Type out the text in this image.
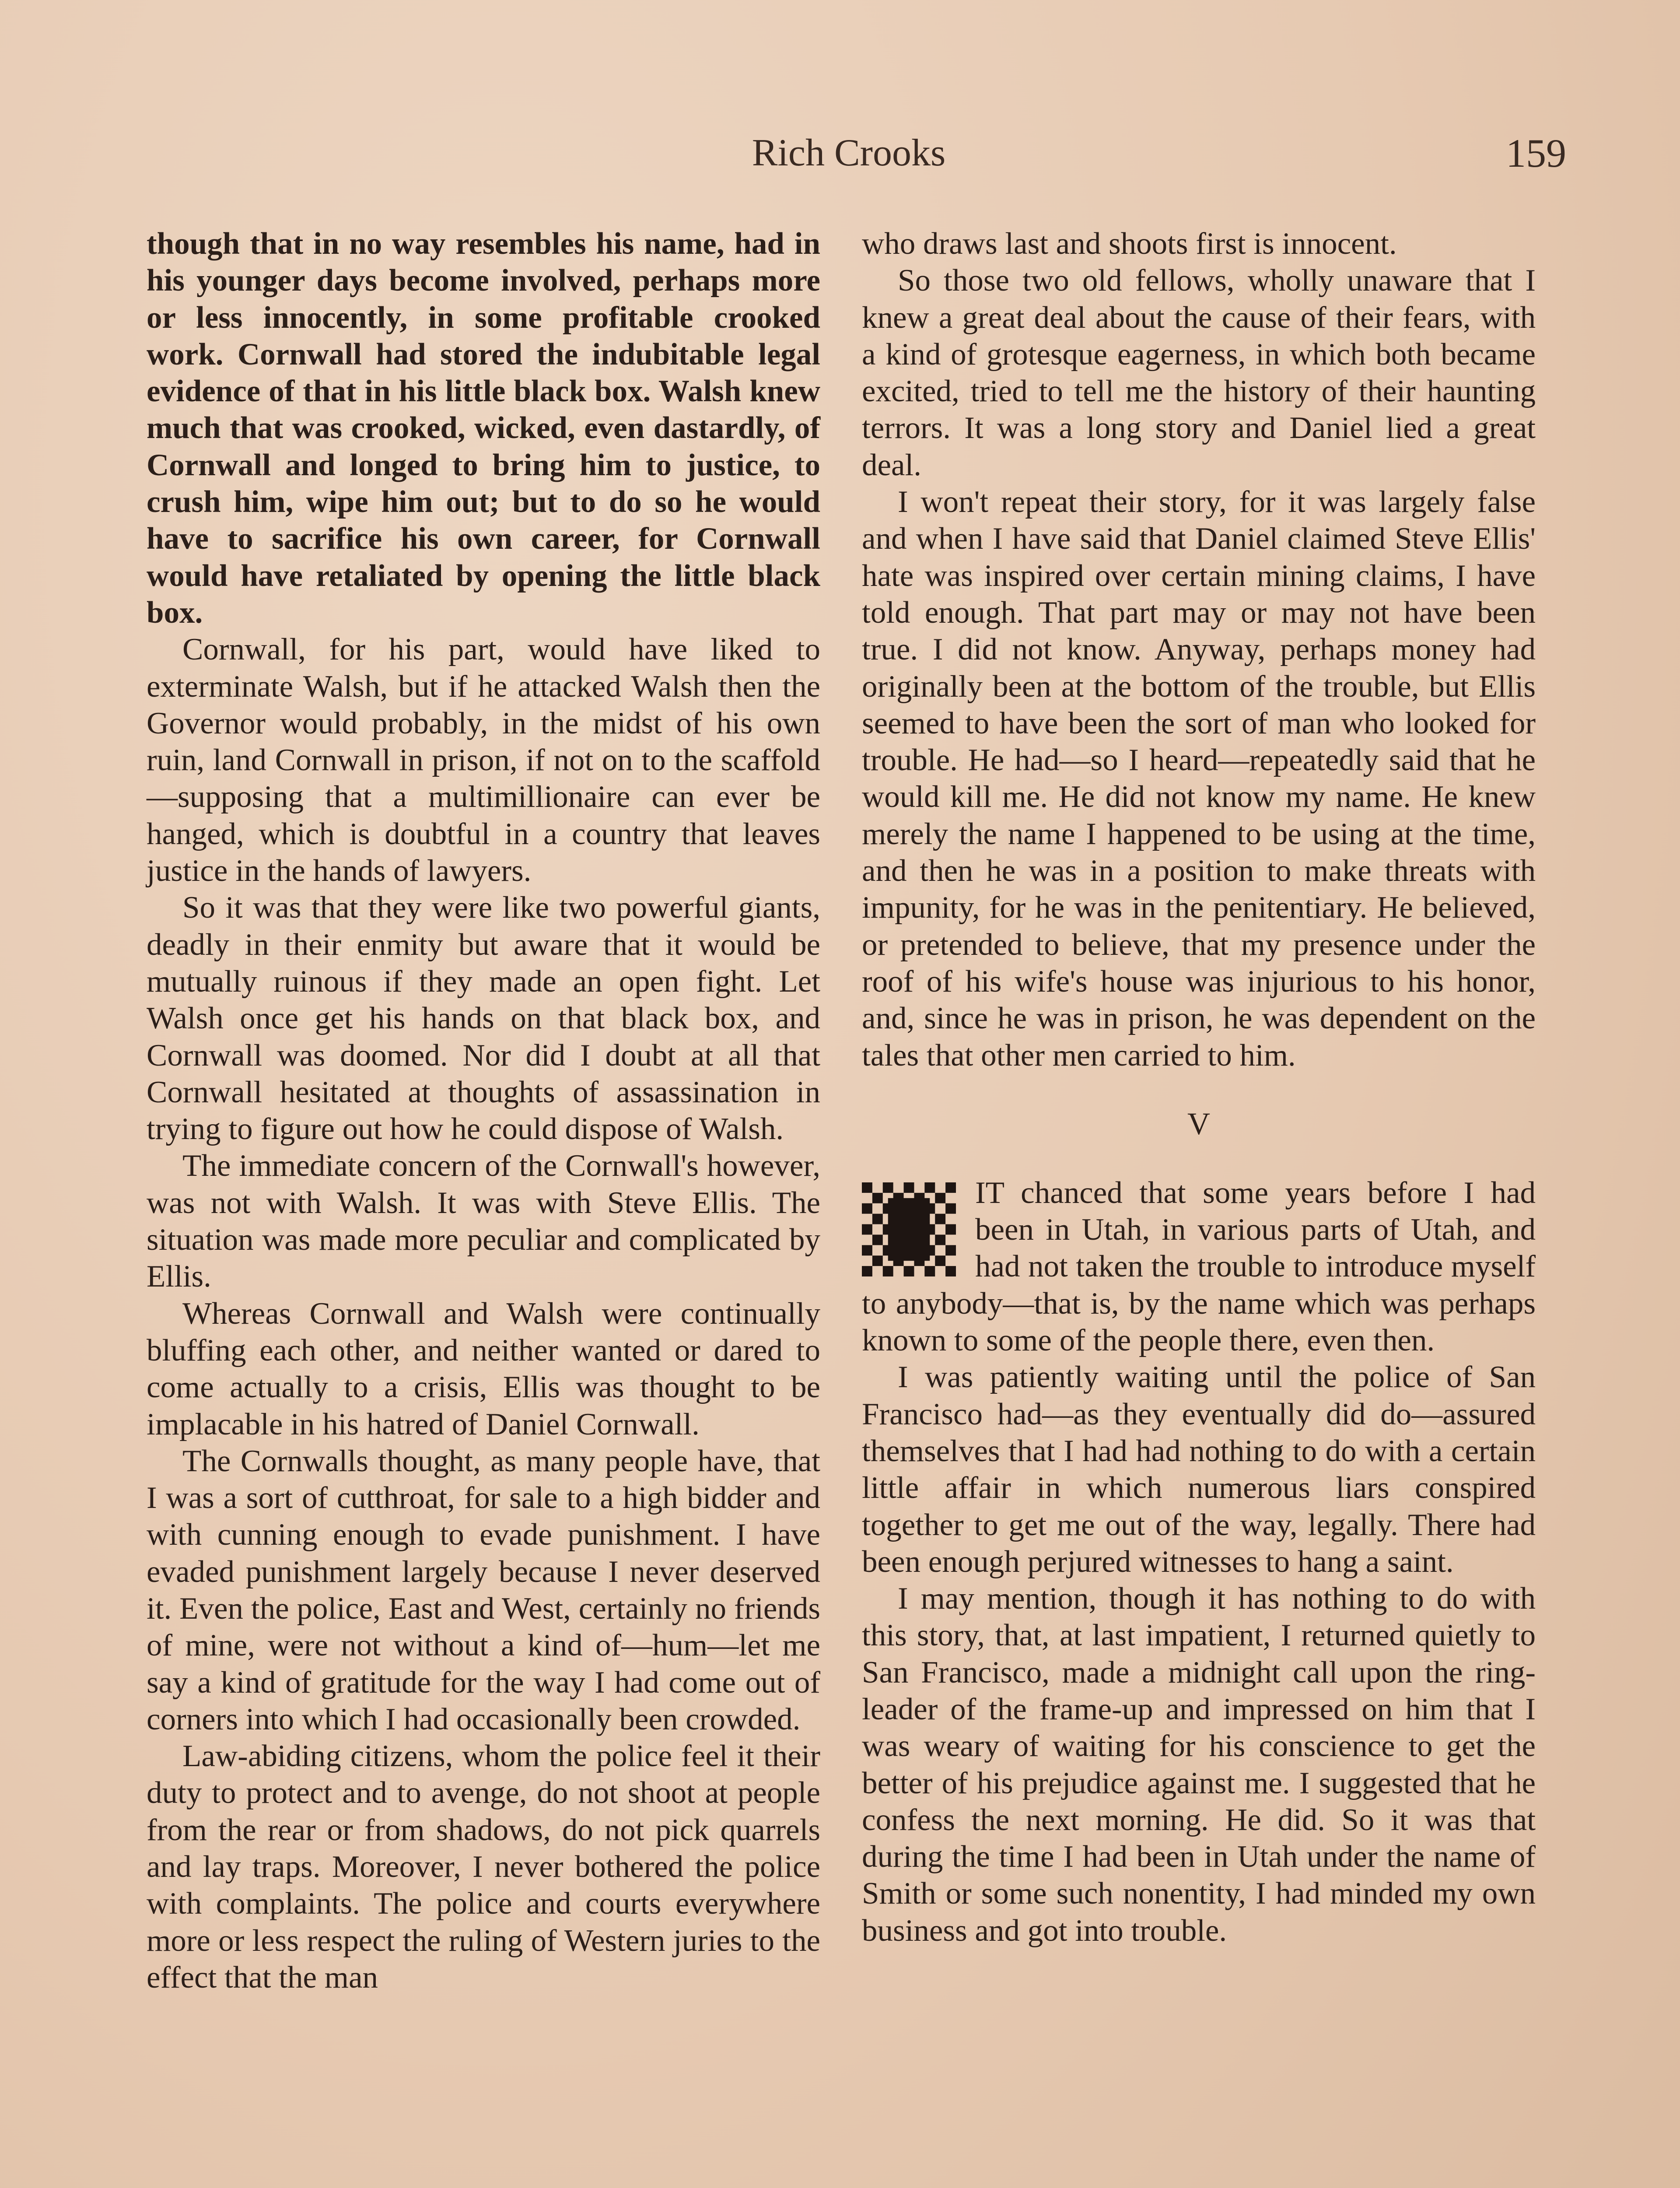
Rich Crooks	159

though that in no way resembles his name, had in his younger days become involved, perhaps more or less innocently, in some profitable crooked work. Cornwall had stored the indubitable legal evidence of that in his little black box. Walsh knew much that was crooked, wicked, even dastardly, of Cornwall and longed to bring him to justice, to crush him, wipe him out; but to do so he would have to sacrifice his own career, for Cornwall would have retaliated by opening the little black box.

Cornwall, for his part, would have liked to exterminate Walsh, but if he attacked Walsh then the Governor would probably, in the midst of his own ruin, land Cornwall in prison, if not on to the scaffold—supposing that a multimillionaire can ever be hanged, which is doubtful in a country that leaves justice in the hands of lawyers.

So it was that they were like two powerful giants, deadly in their enmity but aware that it would be mutually ruinous if they made an open fight. Let Walsh once get his hands on that black box, and Cornwall was doomed. Nor did I doubt at all that Cornwall hesitated at thoughts of assassination in trying to figure out how he could dispose of Walsh.

The immediate concern of the Cornwall's however, was not with Walsh. It was with Steve Ellis. The situation was made more peculiar and complicated by Ellis.

Whereas Cornwall and Walsh were continually bluffing each other, and neither wanted or dared to come actually to a crisis, Ellis was thought to be implacable in his hatred of Daniel Cornwall.

The Cornwalls thought, as many people have, that I was a sort of cutthroat, for sale to a high bidder and with cunning enough to evade punishment. I have evaded punishment largely because I never deserved it. Even the police, East and West, certainly no friends of mine, were not without a kind of—hum—let me say a kind of gratitude for the way I had come out of corners into which I had occasionally been crowded.

Law-abiding citizens, whom the police feel it their duty to protect and to avenge, do not shoot at people from the rear or from shadows, do not pick quarrels and lay traps. Moreover, I never bothered the police with complaints. The police and courts everywhere more or less respect the ruling of Western juries to the effect that the man

who draws last and shoots first is innocent.

So those two old fellows, wholly unaware that I knew a great deal about the cause of their fears, with a kind of grotesque eagerness, in which both became excited, tried to tell me the history of their haunting terrors. It was a long story and Daniel lied a great deal.

I won't repeat their story, for it was largely false and when I have said that Daniel claimed Steve Ellis' hate was inspired over certain mining claims, I have told enough. That part may or may not have been true. I did not know. Anyway, perhaps money had originally been at the bottom of the trouble, but Ellis seemed to have been the sort of man who looked for trouble. He had—so I heard—repeatedly said that he would kill me. He did not know my name. He knew merely the name I happened to be using at the time, and then he was in a position to make threats with impunity, for he was in the penitentiary. He believed, or pretended to believe, that my presence under the roof of his wife's house was injurious to his honor, and, since he was in prison, he was dependent on the tales that other men carried to him.

V

IT chanced that some years before I had been in Utah, in various parts of Utah, and had not taken the trouble to introduce myself to anybody—that is, by the name which was perhaps known to some of the people there, even then.

I was patiently waiting until the police of San Francisco had—as they eventually did do—assured themselves that I had had nothing to do with a certain little affair in which numerous liars conspired together to get me out of the way, legally. There had been enough perjured witnesses to hang a saint.

I may mention, though it has nothing to do with this story, that, at last impatient, I returned quietly to San Francisco, made a midnight call upon the ring-leader of the frame-up and impressed on him that I was weary of waiting for his conscience to get the better of his prejudice against me. I suggested that he confess the next morning. He did. So it was that during the time I had been in Utah under the name of Smith or some such nonentity, I had minded my own business and got into trouble.
